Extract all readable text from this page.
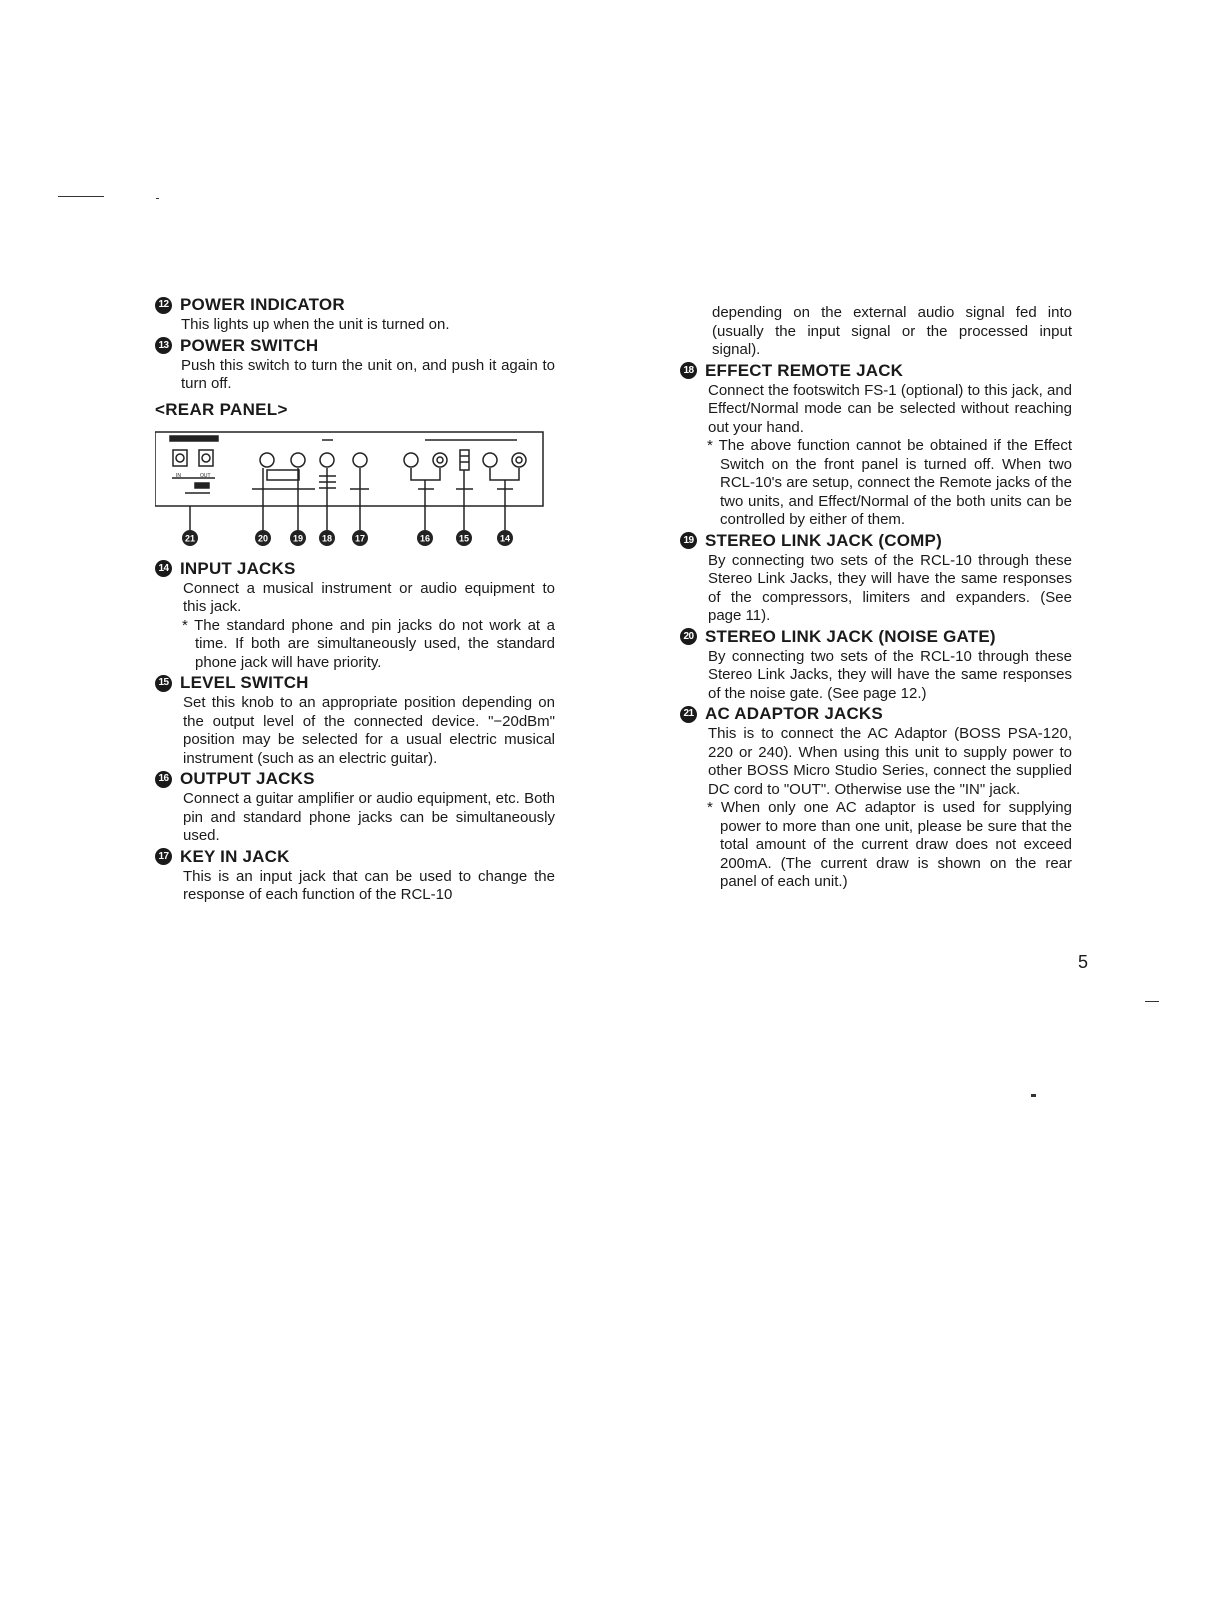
12 POWER INDICATOR
This lights up when the unit is turned on.
13 POWER SWITCH
Push this switch to turn the unit on, and push it again to turn off.
<REAR PANEL>
IN	OUT
21	20	19 18	17	16	15	14
14 INPUT JACKS
Connect a musical instrument or audio equipment to this jack.
* The standard phone and pin jacks do not work at a time. If both are simultaneously used, the standard phone jack will have priority.
15 LEVEL SWITCH
Set this knob to an appropriate position depending on the output level of the connected device. "−20dBm" position may be selected for a usual electric musical instrument (such as an electric guitar).
16 OUTPUT JACKS
Connect a guitar amplifier or audio equipment, etc. Both pin and standard phone jacks can be simultaneously used.
17 KEY IN JACK
This is an input jack that can be used to change the response of each function of the RCL-10
depending on the external audio signal fed into (usually the input signal or the processed input signal).
18 EFFECT REMOTE JACK
Connect the footswitch FS-1 (optional) to this jack, and Effect/Normal mode can be selected without reaching out your hand.
* The above function cannot be obtained if the Effect Switch on the front panel is turned off. When two RCL-10's are setup, connect the Remote jacks of the two units, and Effect/Normal of the both units can be controlled by either of them.
19 STEREO LINK JACK (COMP)
By connecting two sets of the RCL-10 through these Stereo Link Jacks, they will have the same responses of the compressors, limiters and expanders. (See page 11).
20 STEREO LINK JACK (NOISE GATE)
By connecting two sets of the RCL-10 through these Stereo Link Jacks, they will have the same responses of the noise gate. (See page 12.)
21 AC ADAPTOR JACKS
This is to connect the AC Adaptor (BOSS PSA-120, 220 or 240). When using this unit to supply power to other BOSS Micro Studio Series, connect the supplied DC cord to "OUT". Otherwise use the "IN" jack.
* When only one AC adaptor is used for supplying power to more than one unit, please be sure that the total amount of the current draw does not exceed 200mA. (The current draw is shown on the rear panel of each unit.)
5
